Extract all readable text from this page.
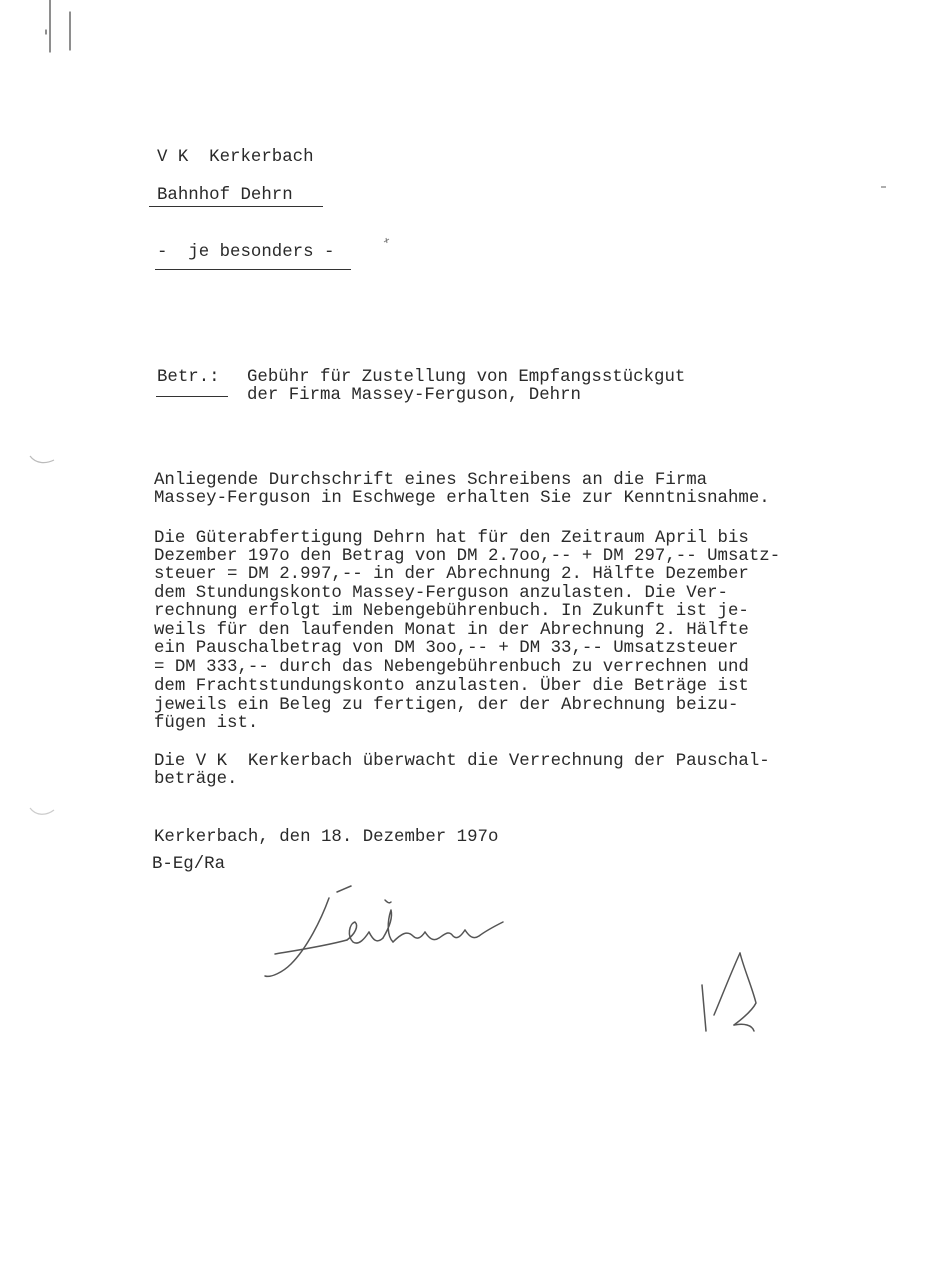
V K  Kerkerbach
Bahnhof Dehrn
-  je besonders -
Betr.: Gebühr für Zustellung von Empfangsstückgut
der Firma Massey-Ferguson, Dehrn
Anliegende Durchschrift eines Schreibens an die Firma
Massey-Ferguson in Eschwege erhalten Sie zur Kenntnisnahme.
Die Güterabfertigung Dehrn hat für den Zeitraum April bis
Dezember 197o den Betrag von DM 2.7oo,-- + DM 297,-- Umsatz-
steuer = DM 2.997,-- in der Abrechnung 2. Hälfte Dezember
dem Stundungskonto Massey-Ferguson anzulasten. Die Ver-
rechnung erfolgt im Nebengebührenbuch. In Zukunft ist je-
weils für den laufenden Monat in der Abrechnung 2. Hälfte
ein Pauschalbetrag von DM 3oo,-- + DM 33,-- Umsatzsteuer
= DM 333,-- durch das Nebengebührenbuch zu verrechnen und
dem Frachtstundungskonto anzulasten. Über die Beträge ist
jeweils ein Beleg zu fertigen, der der Abrechnung beizu-
fügen ist.
Die V K  Kerkerbach überwacht die Verrechnung der Pauschal-
beträge.
Kerkerbach, den 18. Dezember 197o
B-Eg/Ra
